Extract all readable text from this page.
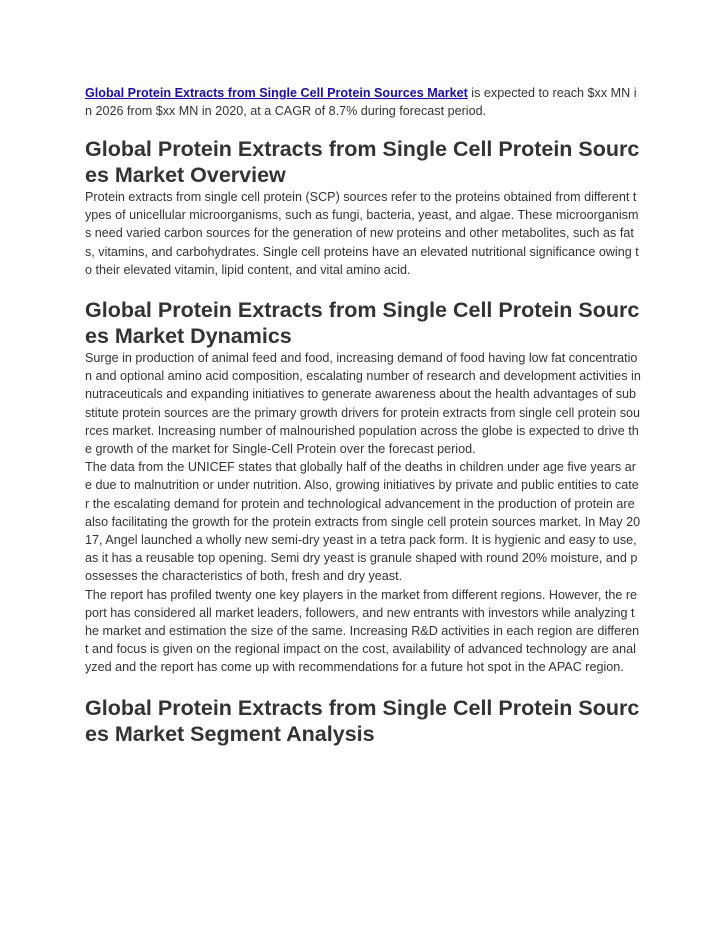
Global Protein Extracts from Single Cell Protein Sources Market is expected to reach $xx MN in 2026 from $xx MN in 2020, at a CAGR of 8.7% during forecast period.

Global Protein Extracts from Single Cell Protein Sources Market Overview

Protein extracts from single cell protein (SCP) sources refer to the proteins obtained from different types of unicellular microorganisms, such as fungi, bacteria, yeast, and algae. These microorganisms need varied carbon sources for the generation of new proteins and other metabolites, such as fats, vitamins, and carbohydrates. Single cell proteins have an elevated nutritional significance owing to their elevated vitamin, lipid content, and vital amino acid.

Global Protein Extracts from Single Cell Protein Sources Market Dynamics

Surge in production of animal feed and food, increasing demand of food having low fat concentration and optional amino acid composition, escalating number of research and development activities in nutraceuticals and expanding initiatives to generate awareness about the health advantages of substitute protein sources are the primary growth drivers for protein extracts from single cell protein sources market. Increasing number of malnourished population across the globe is expected to drive the growth of the market for Single-Cell Protein over the forecast period.

The data from the UNICEF states that globally half of the deaths in children under age five years are due to malnutrition or under nutrition. Also, growing initiatives by private and public entities to cater the escalating demand for protein and technological advancement in the production of protein are also facilitating the growth for the protein extracts from single cell protein sources market. In May 2017, Angel launched a wholly new semi-dry yeast in a tetra pack form. It is hygienic and easy to use, as it has a reusable top opening. Semi dry yeast is granule shaped with round 20% moisture, and possesses the characteristics of both, fresh and dry yeast.

The report has profiled twenty one key players in the market from different regions. However, the report has considered all market leaders, followers, and new entrants with investors while analyzing the market and estimation the size of the same. Increasing R&D activities in each region are different and focus is given on the regional impact on the cost, availability of advanced technology are analyzed and the report has come up with recommendations for a future hot spot in the APAC region.

Global Protein Extracts from Single Cell Protein Sources Market Segment Analysis
